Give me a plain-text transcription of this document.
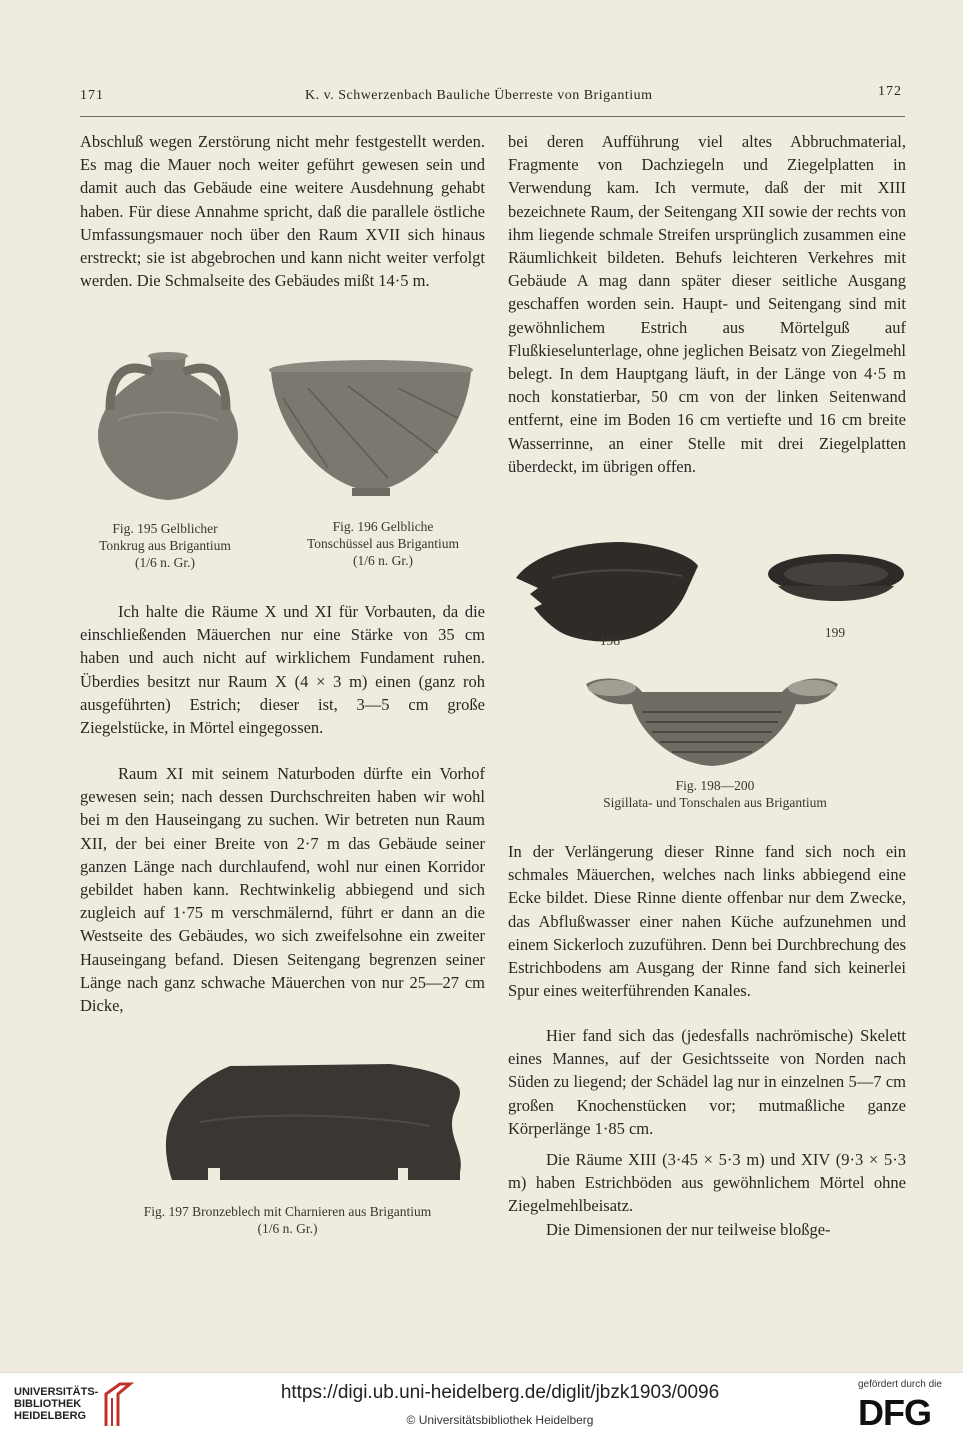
171	K. v. Schwerzenbach Bauliche Überreste von Brigantium	172

Abschluß wegen Zerstörung nicht mehr festgestellt werden. Es mag die Mauer noch weiter geführt gewesen sein und damit auch das Gebäude eine weitere Ausdehnung gehabt haben. Für diese Annahme spricht, daß die parallele östliche Umfassungsmauer noch über den Raum XVII sich hinaus erstreckt; sie ist abgebrochen und kann nicht weiter verfolgt werden. Die Schmalseite des Gebäudes mißt 14·5 m.

Fig. 195 Gelblicher
Tonkrug aus Brigantium
(1/6 n. Gr.)
Fig. 196 Gelbliche
Tonschüssel aus Brigantium
(1/6 n. Gr.)

Ich halte die Räume X und XI für Vorbauten, da die einschließenden Mäuerchen nur eine Stärke von 35 cm haben und auch nicht auf wirklichem Fundament ruhen. Überdies besitzt nur Raum X (4 × 3 m) einen (ganz roh ausgeführten) Estrich; dieser ist, 3—5 cm große Ziegelstücke, in Mörtel eingegossen.

Raum XI mit seinem Naturboden dürfte ein Vorhof gewesen sein; nach dessen Durchschreiten haben wir wohl bei m den Hauseingang zu suchen. Wir betreten nun Raum XII, der bei einer Breite von 2·7 m das Gebäude seiner ganzen Länge nach durchlaufend, wohl nur einen Korridor gebildet haben kann. Rechtwinkelig abbiegend und sich zugleich auf 1·75 m verschmälernd, führt er dann an die Westseite des Gebäudes, wo sich zweifelsohne ein zweiter Hauseingang befand. Diesen Seitengang begrenzen seiner Länge nach ganz schwache Mäuerchen von nur 25—27 cm Dicke,

Fig. 197 Bronzeblech mit Charnieren aus Brigantium
(1/6 n. Gr.)

bei deren Aufführung viel altes Abbruchmaterial, Fragmente von Dachziegeln und Ziegelplatten in Verwendung kam. Ich vermute, daß der mit XIII bezeichnete Raum, der Seitengang XII sowie der rechts von ihm liegende schmale Streifen ursprünglich zusammen eine Räumlichkeit bildeten. Behufs leichteren Verkehres mit Gebäude A mag dann später dieser seitliche Ausgang geschaffen worden sein. Haupt- und Seitengang sind mit gewöhnlichem Estrich aus Mörtelguß auf Flußkieselunterlage, ohne jeglichen Beisatz von Ziegelmehl belegt. In dem Hauptgang läuft, in der Länge von 4·5 m noch konstatierbar, 50 cm von der linken Seitenwand entfernt, eine im Boden 16 cm vertiefte und 16 cm breite Wasserrinne, an einer Stelle mit drei Ziegelplatten überdeckt, im übrigen offen.

198
199
Fig. 198—200
Sigillata- und Tonschalen aus Brigantium

In der Verlängerung dieser Rinne fand sich noch ein schmales Mäuerchen, welches nach links abbiegend eine Ecke bildet. Diese Rinne diente offenbar nur dem Zwecke, das Abflußwasser einer nahen Küche aufzunehmen und einem Sickerloch zuzuführen. Denn bei Durchbrechung des Estrichbodens am Ausgang der Rinne fand sich keinerlei Spur eines weiterführenden Kanales.

Hier fand sich das (jedesfalls nachrömische) Skelett eines Mannes, auf der Gesichtsseite von Norden nach Süden zu liegend; der Schädel lag nur in einzelnen 5—7 cm großen Knochenstücken vor; mutmaßliche ganze Körperlänge 1·85 cm.

Die Räume XIII (3·45 × 5·3 m) und XIV (9·3 × 5·3 m) haben Estrichböden aus gewöhnlichem Mörtel ohne Ziegelmehlbeisatz.

Die Dimensionen der nur teilweise bloßge-

UNIVERSITÄTS-
BIBLIOTHEK
HEIDELBERG
https://digi.ub.uni-heidelberg.de/diglit/jbzk1903/0096
© Universitätsbibliothek Heidelberg
gefördert durch die
DFG
